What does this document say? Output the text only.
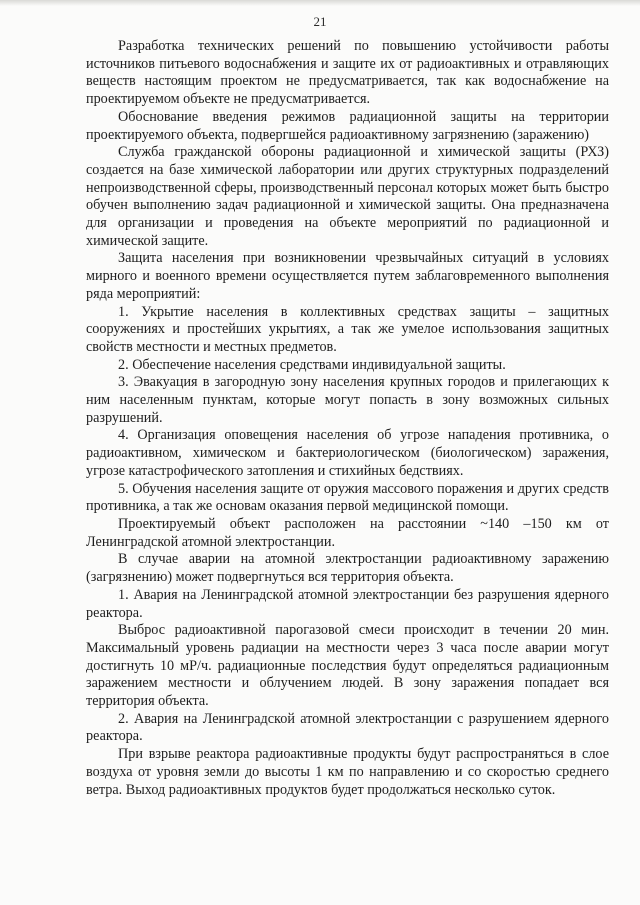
21

Разработка технических решений по повышению устойчивости работы источников питьевого водоснабжения и защите их от радиоактивных и отравляющих веществ настоящим проектом не предусматривается, так как водоснабжение на проектируемом объекте не предусматривается.

Обоснование введения режимов радиационной защиты на территории проектируемого объекта, подвергшейся радиоактивному загрязнению (заражению)

Служба гражданской обороны радиационной и химической защиты (РХЗ) создается на базе химической лаборатории или других структурных подразделений непроизводственной сферы, производственный персонал которых может быть быстро обучен выполнению задач радиационной и химической защиты. Она предназначена для организации и проведения на объекте мероприятий по радиационной и химической защите.

Защита населения при возникновении чрезвычайных ситуаций в условиях мирного и военного времени осуществляется путем заблаговременного выполнения ряда мероприятий:

1. Укрытие населения в коллективных средствах защиты – защитных сооружениях и простейших укрытиях, а так же умелое использования защитных свойств местности и местных предметов.

2. Обеспечение населения средствами индивидуальной защиты.

3. Эвакуация в загородную зону населения крупных городов и прилегающих к ним населенным пунктам, которые могут попасть в зону возможных сильных разрушений.

4. Организация оповещения населения об угрозе нападения противника, о радиоактивном, химическом и бактериологическом (биологическом) заражения, угрозе катастрофического затопления и стихийных бедствиях.

5. Обучения населения защите от оружия массового поражения и других средств противника, а так же основам оказания первой медицинской помощи.

Проектируемый объект расположен на расстоянии ~140 –150 км от Ленинградской атомной электростанции.

В случае аварии на атомной электростанции радиоактивному заражению (загрязнению) может подвергнуться вся территория объекта.

1. Авария на Ленинградской атомной электростанции без разрушения ядерного реактора.

Выброс радиоактивной парогазовой смеси происходит в течении 20 мин. Максимальный уровень радиации на местности через 3 часа после аварии могут достигнуть 10 мР/ч. радиационные последствия будут определяться радиационным заражением местности и облучением людей. В зону заражения попадает вся территория объекта.

2. Авария на Ленинградской атомной электростанции с разрушением ядерного реактора.

При взрыве реактора радиоактивные продукты будут распространяться в слое воздуха от уровня земли до высоты 1 км по направлению и со скоростью среднего ветра. Выход радиоактивных продуктов будет продолжаться несколько суток.
